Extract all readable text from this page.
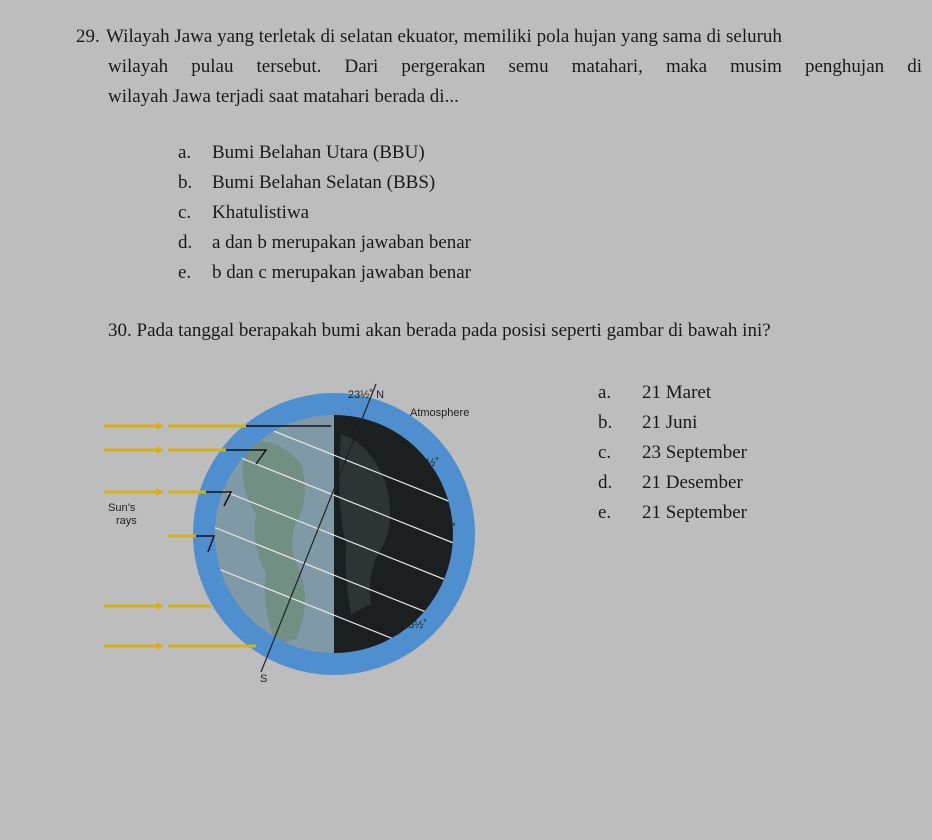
29. Wilayah Jawa yang terletak di selatan ekuator, memiliki pola hujan yang sama di seluruh
wilayah pulau tersebut. Dari pergerakan semu matahari, maka musim penghujan di
wilayah Jawa terjadi saat matahari berada di...
a. Bumi Belahan Utara (BBU)
b. Bumi Belahan Selatan (BBS)
c. Khatulistiwa
d. a dan b merupakan jawaban benar
e. b dan c merupakan jawaban benar
30. Pada tanggal berapakah bumi akan berada pada posisi seperti gambar di bawah ini?
a. 21 Maret
b. 21 Juni
c. 23 September
d. 21 Desember
e. 21 September
23½˚ N
Atmosphere
90˚
66½˚
30˚
0˚
23½˚
S
Sun’s
rays
